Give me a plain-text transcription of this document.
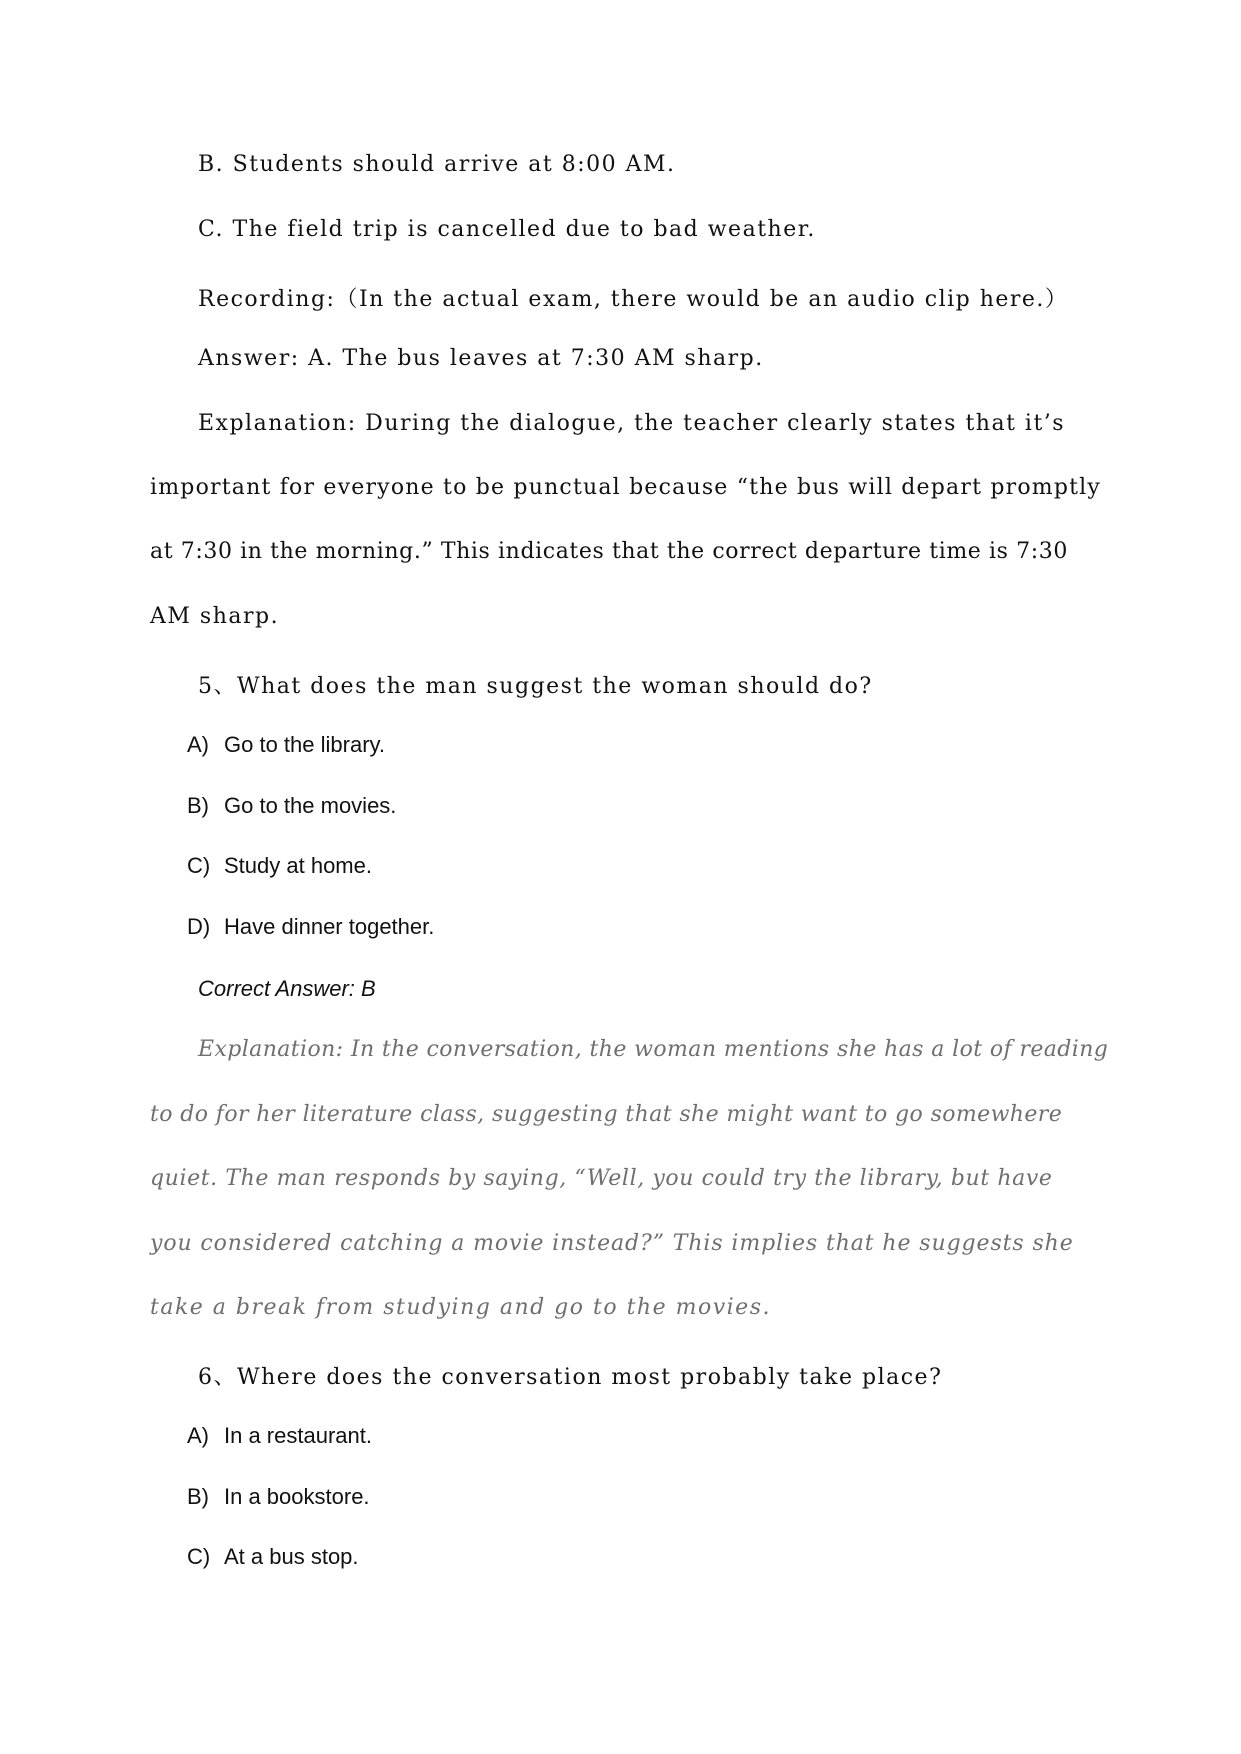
B. Students should arrive at 8:00 AM.
C. The field trip is cancelled due to bad weather.
Recording:（In the actual exam, there would be an audio clip here.）
Answer: A. The bus leaves at 7:30 AM sharp.
Explanation: During the dialogue, the teacher clearly states that it’s
important for everyone to be punctual because “the bus will depart promptly
at 7:30 in the morning.” This indicates that the correct departure time is 7:30
AM sharp.
5、What does the man suggest the woman should do?
A) Go to the library.
B) Go to the movies.
C) Study at home.
D) Have dinner together.
Correct Answer: B
Explanation: In the conversation, the woman mentions she has a lot of reading
to do for her literature class, suggesting that she might want to go somewhere
quiet. The man responds by saying, “Well, you could try the library, but have
you considered catching a movie instead?” This implies that he suggests she
take a break from studying and go to the movies.
6、Where does the conversation most probably take place?
A) In a restaurant.
B) In a bookstore.
C) At a bus stop.
